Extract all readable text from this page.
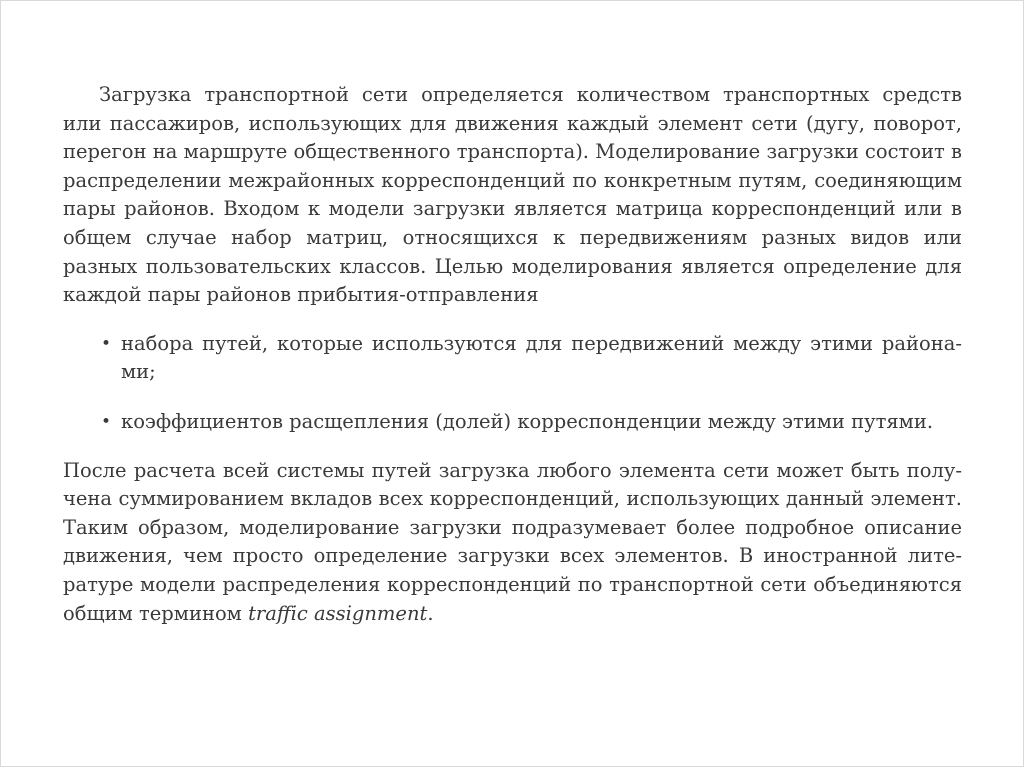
Загрузка транспортной сети определяется количеством транспортных средств или пассажиров, использующих для движения каждый элемент сети (дугу, поворот, перегон на маршруте общественного транспорта). Моделирование загрузки состоит в распределении межрайонных корреспонденций по конкретным путям, соединяющим пары районов. Входом к модели загрузки является матрица корреспонденций или в общем случае набор матриц, относящихся к передвижениям разных видов или разных пользовательских классов. Целью моделирования является определение для каждой пары районов прибытия-отправления

• набора путей, которые используются для передвижений между этими районами;
• коэффициентов расщепления (долей) корреспонденции между этими путями.

После расчета всей системы путей загрузка любого элемента сети может быть получена суммированием вкладов всех корреспонденций, использующих данный элемент. Таким образом, моделирование загрузки подразумевает более подробное описание движения, чем просто определение загрузки всех элементов. В иностранной литературе модели распределения корреспонденций по транспортной сети объединяются общим термином traffic assignment.
